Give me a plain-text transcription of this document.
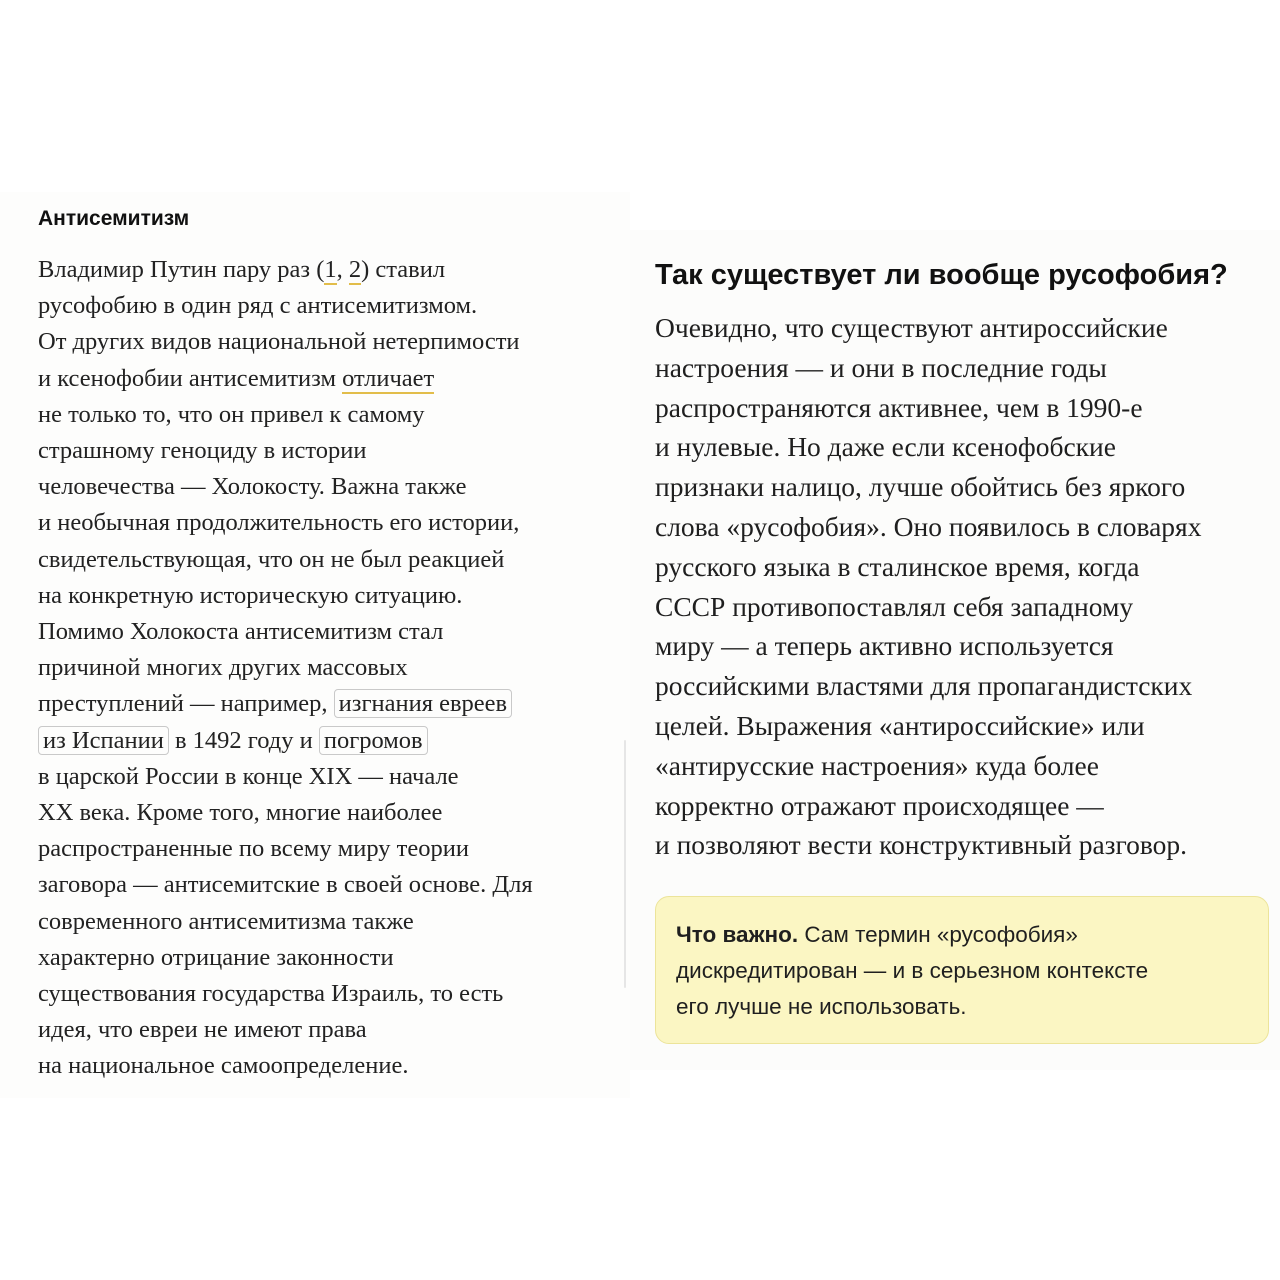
Антисемитизм
Владимир Путин пару раз (1, 2) ставил
русофобию в один ряд с антисемитизмом.
От других видов национальной нетерпимости
и ксенофобии антисемитизм отличает
не только то, что он привел к самому
страшному геноциду в истории
человечества — Холокосту. Важна также
и необычная продолжительность его истории,
свидетельствующая, что он не был реакцией
на конкретную историческую ситуацию.
Помимо Холокоста антисемитизм стал
причиной многих других массовых
преступлений — например, изгнания евреев
из Испании в 1492 году и погромов
в царской России в конце XIX — начале
XX века. Кроме того, многие наиболее
распространенные по всему миру теории
заговора — антисемитские в своей основе. Для
современного антисемитизма также
характерно отрицание законности
существования государства Израиль, то есть
идея, что евреи не имеют права
на национальное самоопределение.
Так существует ли вообще русофобия?
Очевидно, что существуют антироссийские
настроения — и они в последние годы
распространяются активнее, чем в 1990-е
и нулевые. Но даже если ксенофобские
признаки налицо, лучше обойтись без яркого
слова «русофобия». Оно появилось в словарях
русского языка в сталинское время, когда
СССР противопоставлял себя западному
миру — а теперь активно используется
российскими властями для пропагандистских
целей. Выражения «антироссийские» или
«антирусские настроения» куда более
корректно отражают происходящее —
и позволяют вести конструктивный разговор.
Что важно. Сам термин «русофобия»
дискредитирован — и в серьезном контексте
его лучше не использовать.
